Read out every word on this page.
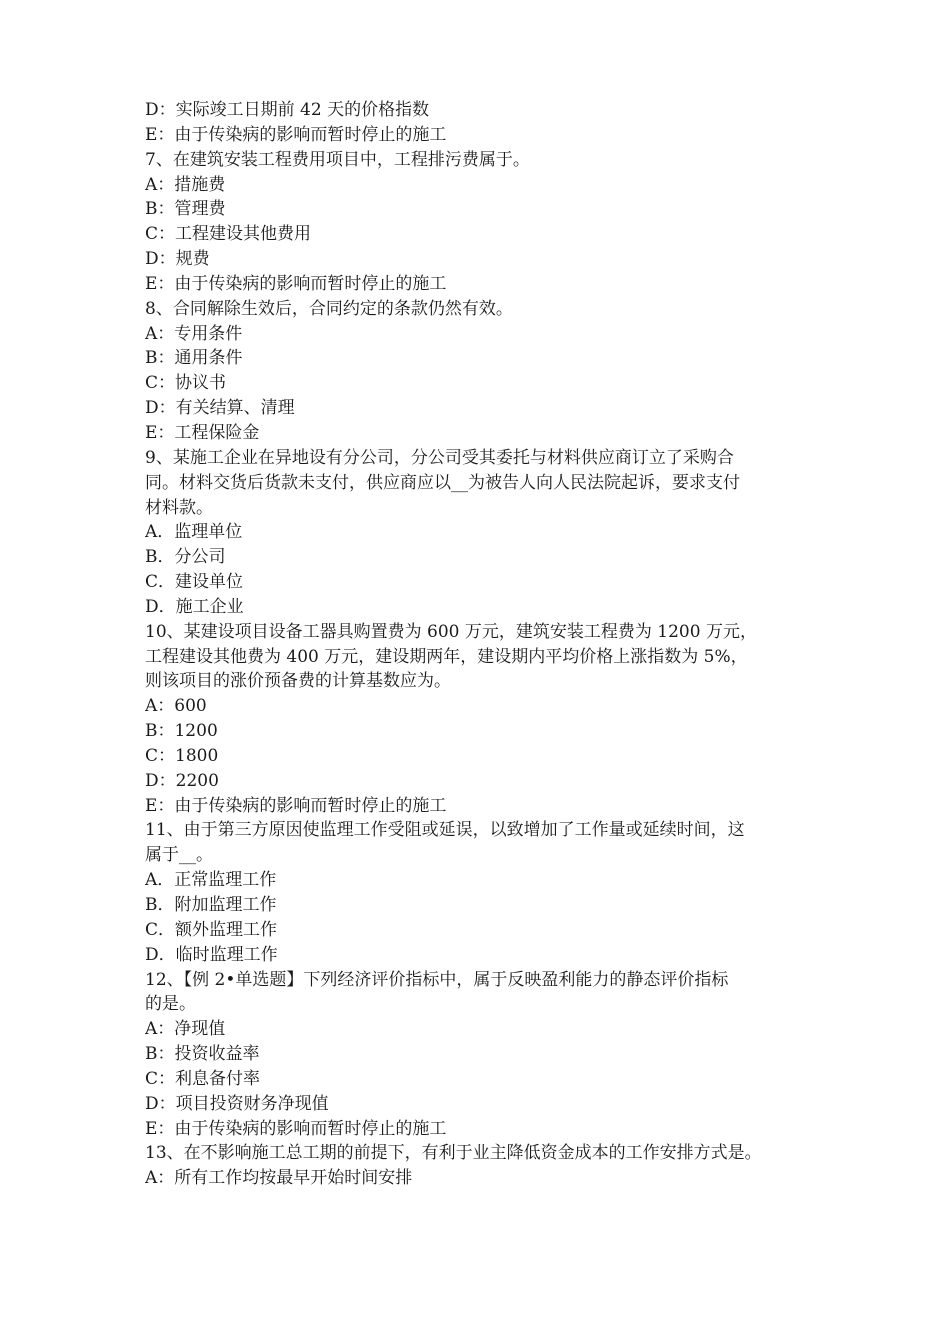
D：实际竣工日期前 42 天的价格指数
E：由于传染病的影响而暂时停止的施工
7、在建筑安装工程费用项目中，工程排污费属于。
A：措施费
B：管理费
C：工程建设其他费用
D：规费
E：由于传染病的影响而暂时停止的施工
8、合同解除生效后，合同约定的条款仍然有效。
A：专用条件
B：通用条件
C：协议书
D：有关结算、清理
E：工程保险金
9、某施工企业在异地设有分公司，分公司受其委托与材料供应商订立了采购合
同。材料交货后货款未支付，供应商应以__为被告人向人民法院起诉，要求支付
材料款。
A．监理单位
B．分公司
C．建设单位
D．施工企业
10、某建设项目设备工器具购置费为 600 万元，建筑安装工程费为 1200 万元，
工程建设其他费为 400 万元，建设期两年，建设期内平均价格上涨指数为 5%，
则该项目的涨价预备费的计算基数应为。
A：600
B：1200
C：1800
D：2200
E：由于传染病的影响而暂时停止的施工
11、由于第三方原因使监理工作受阻或延误，以致增加了工作量或延续时间，这
属于__。
A．正常监理工作
B．附加监理工作
C．额外监理工作
D．临时监理工作
12、【例 2•单选题】下列经济评价指标中，属于反映盈利能力的静态评价指标
的是。
A：净现值
B：投资收益率
C：利息备付率
D：项目投资财务净现值
E：由于传染病的影响而暂时停止的施工
13、在不影响施工总工期的前提下，有利于业主降低资金成本的工作安排方式是。
A：所有工作均按最早开始时间安排
